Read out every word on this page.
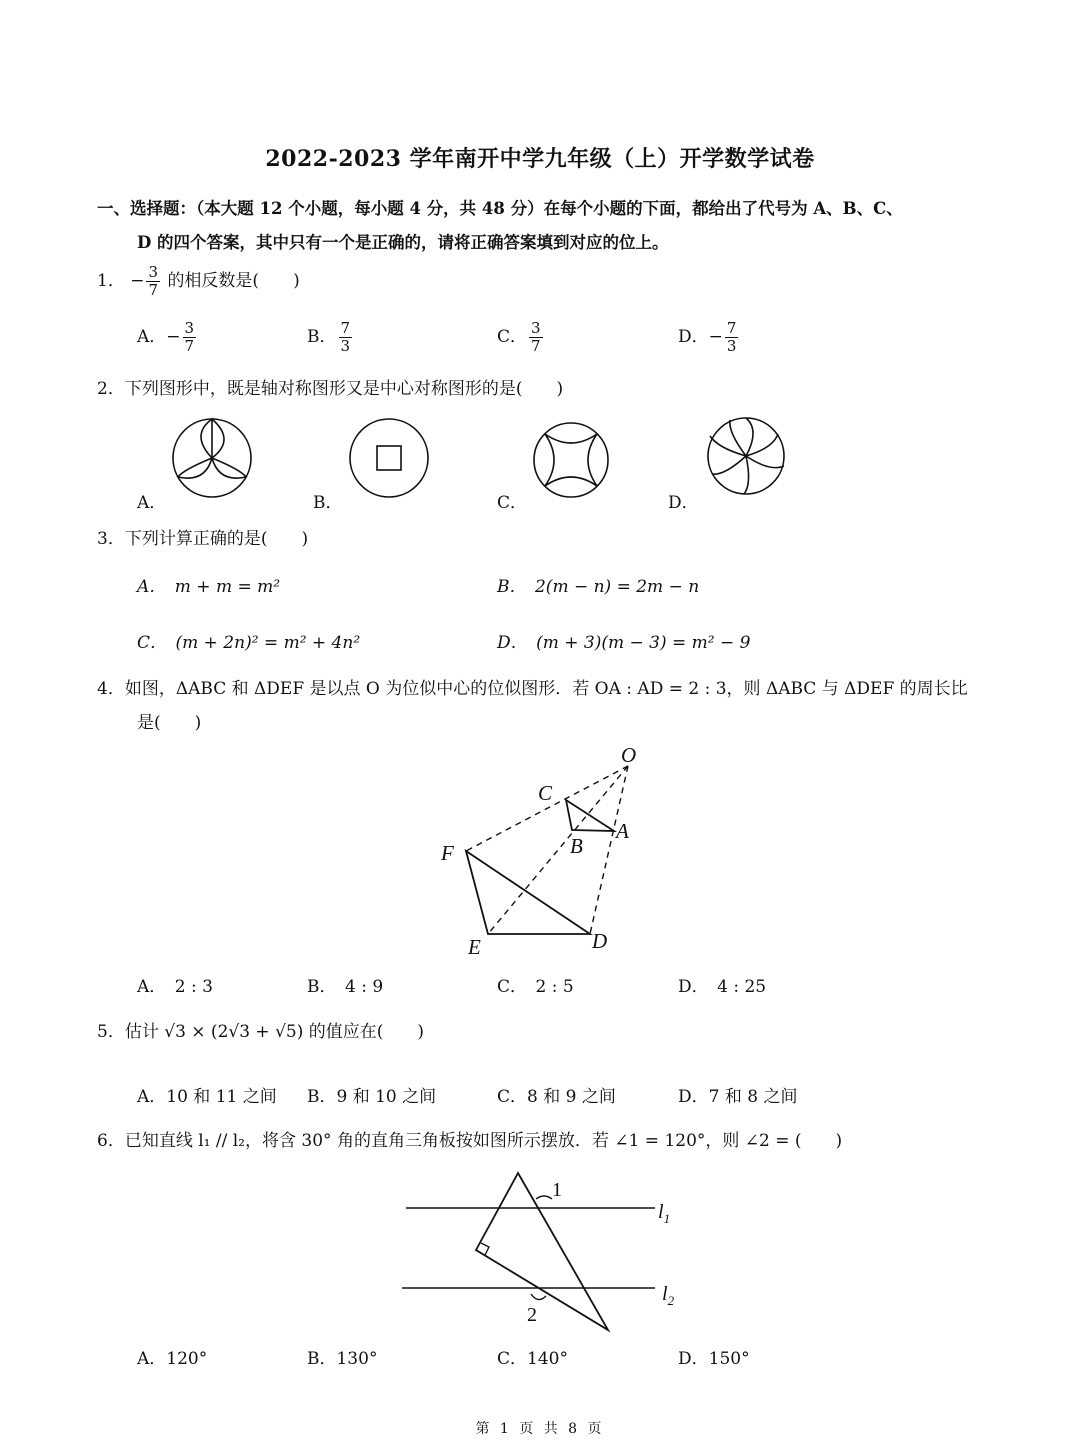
2022-2023 学年南开中学九年级（上）开学数学试卷
一、选择题：（本大题 12 个小题，每小题 4 分，共 48 分）在每个小题的下面，都给出了代号为 A、B、C、
D 的四个答案，其中只有一个是正确的，请将正确答案填到对应的位上。
1． − $\frac{3}{7}$ 的相反数是(　　)
A．− $\frac{3}{7}$	B． $\frac{7}{3}$	C． $\frac{3}{7}$	D．− $\frac{7}{3}$
2．下列图形中，既是轴对称图形又是中心对称图形的是(　　)
A．	B．	C．	D．
3．下列计算正确的是(　　)
A．　m + m = m²	B．　2(m − n) = 2m − n
C．　(m + 2n)² = m² + 4n²	D．　(m + 3)(m − 3) = m² − 9
4．如图，ΔABC 和 ΔDEF 是以点 O 为位似中心的位似图形．若 OA : AD = 2 : 3，则 ΔABC 与 ΔDEF 的周长比
是(　　)
O
C
A
B
F
E	D
A．　2 : 3	B．　4 : 9	C．　2 : 5	D．　4 : 25
5．估计 √3 × (2√3 + √5) 的值应在(　　)
A．10 和 11 之间 B．9 和 10 之间	C．8 和 9 之间	D．7 和 8 之间
6．已知直线 l₁ // l₂，将含 30° 角的直角三角板按如图所示摆放．若 ∠1 = 120°，则 ∠2 = (　　)
1
2
$l_1$
$l_2$
A．120°	B．130°	C．140°	D．150°
第 1 页 共 8 页
